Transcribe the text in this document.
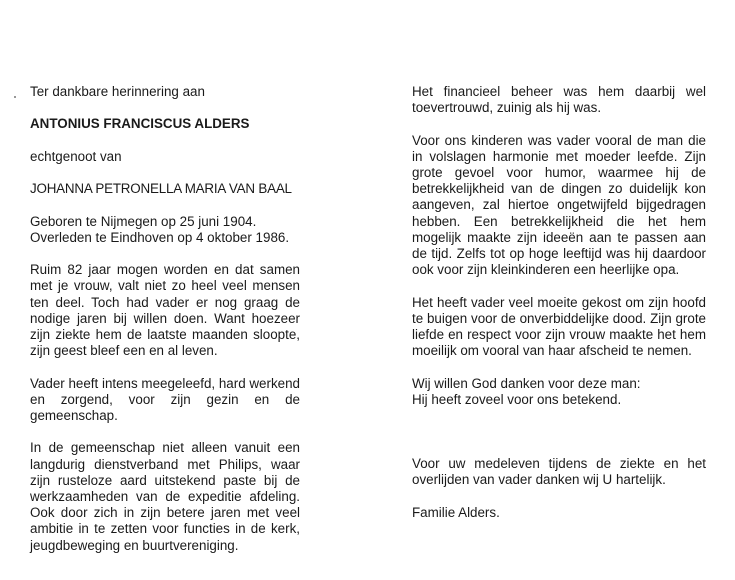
Ter dankbare herinnering aan

ANTONIUS FRANCISCUS ALDERS

echtgenoot van

JOHANNA PETRONELLA MARIA VAN BAAL

Geboren te Nijmegen op 25 juni 1904.

Overleden te Eindhoven op 4 oktober 1986.

Ruim 82 jaar mogen worden en dat samen met je vrouw, valt niet zo heel veel mensen ten deel. Toch had vader er nog graag de nodige jaren bij willen doen. Want hoezeer zijn ziekte hem de laatste maanden sloopte, zijn geest bleef een en al leven.

Vader heeft intens meegeleefd, hard werkend en zorgend, voor zijn gezin en de gemeenschap.

In de gemeenschap niet alleen vanuit een langdurig dienstverband met Philips, waar zijn rusteloze aard uitstekend paste bij de werkzaamheden van de expeditie afdeling. Ook door zich in zijn betere jaren met veel ambitie in te zetten voor functies in de kerk, jeugdbeweging en buurtvereniging.

Het financieel beheer was hem daarbij wel toevertrouwd, zuinig als hij was.

Voor ons kinderen was vader vooral de man die in volslagen harmonie met moeder leefde. Zijn grote gevoel voor humor, waarmee hij de betrekkelijkheid van de dingen zo duidelijk kon aangeven, zal hiertoe ongetwijfeld bijgedragen hebben. Een betrekkelijkheid die het hem mogelijk maakte zijn ideeën aan te passen aan de tijd. Zelfs tot op hoge leeftijd was hij daardoor ook voor zijn kleinkinderen een heerlijke opa.

Het heeft vader veel moeite gekost om zijn hoofd te buigen voor de onverbiddelijke dood. Zijn grote liefde en respect voor zijn vrouw maakte het hem moeilijk om vooral van haar afscheid te nemen.

Wij willen God danken voor deze man:

Hij heeft zoveel voor ons betekend.

Voor uw medeleven tijdens de ziekte en het overlijden van vader danken wij U hartelijk.

Familie Alders.
